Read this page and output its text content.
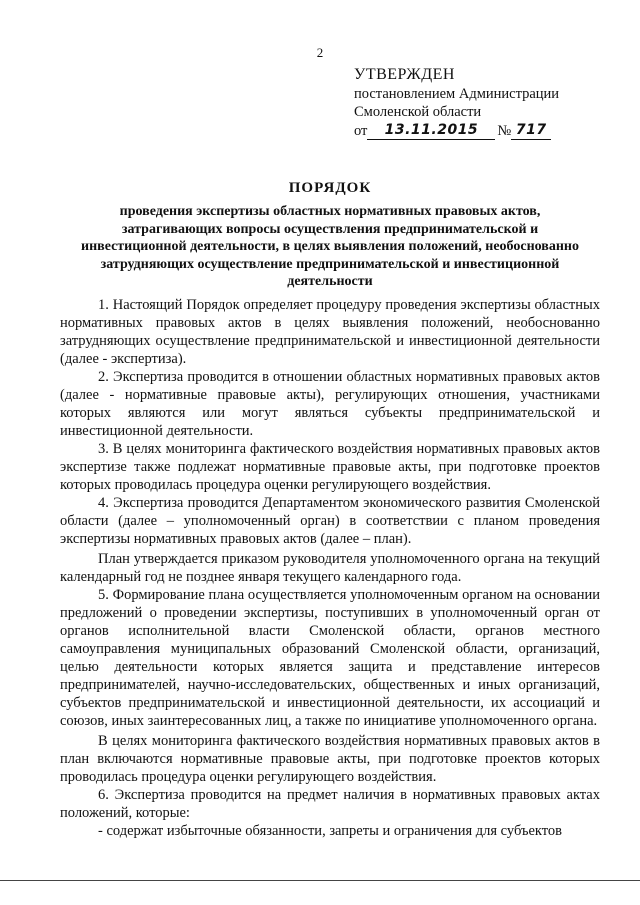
2
УТВЕРЖДЕН
постановлением Администрации
Смоленской области
от	13.11.2015	№ 717
ПОРЯДОК
проведения экспертизы областных нормативных правовых актов, затрагивающих вопросы осуществления предпринимательской и инвестиционной деятельности, в целях выявления положений, необоснованно затрудняющих осуществление предпринимательской и инвестиционной деятельности

1. Настоящий Порядок определяет процедуру проведения экспертизы областных нормативных правовых актов в целях выявления положений, необоснованно затрудняющих осуществление предпринимательской и инвестиционной деятельности (далее - экспертиза).

2. Экспертиза проводится в отношении областных нормативных правовых актов (далее - нормативные правовые акты), регулирующих отношения, участниками которых являются или могут являться субъекты предпринимательской и инвестиционной деятельности.

3. В целях мониторинга фактического воздействия нормативных правовых актов экспертизе также подлежат нормативные правовые акты, при подготовке проектов которых проводилась процедура оценки регулирующего воздействия.

4. Экспертиза проводится Департаментом экономического развития Смоленской области (далее – уполномоченный орган) в соответствии с планом проведения экспертизы нормативных правовых актов (далее – план).

План утверждается приказом руководителя уполномоченного органа на текущий календарный год не позднее января текущего календарного года.

5. Формирование плана осуществляется уполномоченным органом на основании предложений о проведении экспертизы, поступивших в уполномоченный орган от органов исполнительной власти Смоленской области, органов местного самоуправления муниципальных образований Смоленской области, организаций, целью деятельности которых является защита и представление интересов предпринимателей, научно-исследовательских, общественных и иных организаций, субъектов предпринимательской и инвестиционной деятельности, их ассоциаций и союзов, иных заинтересованных лиц, а также по инициативе уполномоченного органа.

В целях мониторинга фактического воздействия нормативных правовых актов в план включаются нормативные правовые акты, при подготовке проектов которых проводилась процедура оценки регулирующего воздействия.

6. Экспертиза проводится на предмет наличия в нормативных правовых актах положений, которые:

- содержат избыточные обязанности, запреты и ограничения для субъектов
